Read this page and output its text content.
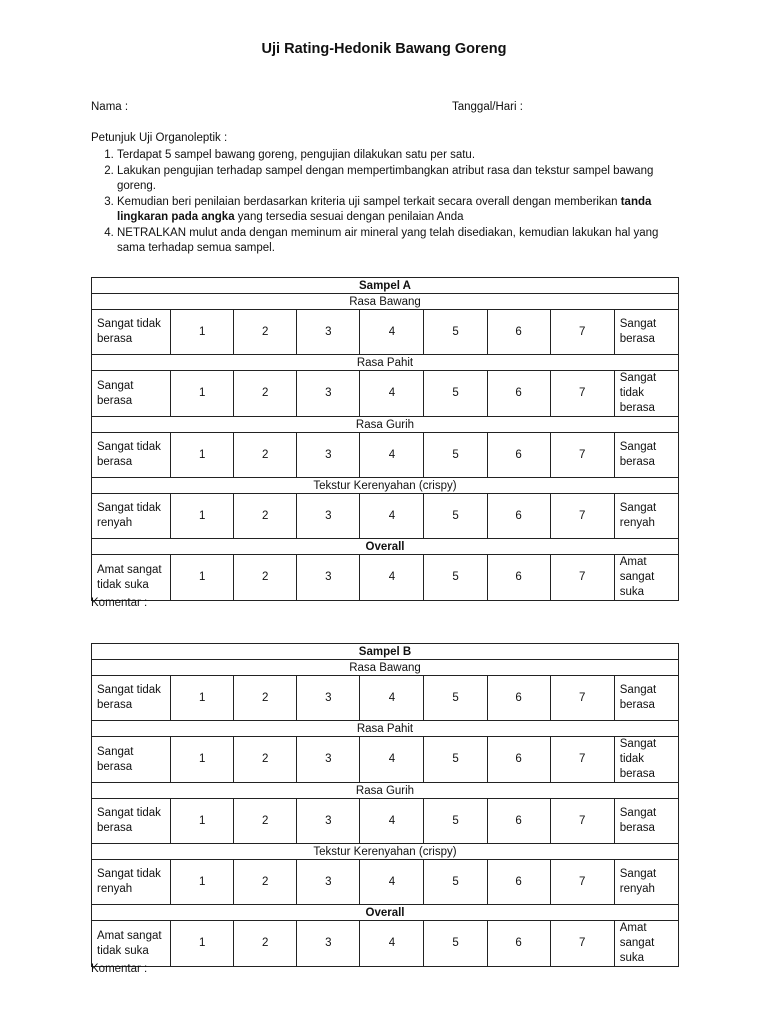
Uji Rating-Hedonik Bawang Goreng
Nama :	Tanggal/Hari :
Petunjuk Uji Organoleptik :
1. Terdapat 5 sampel bawang goreng, pengujian dilakukan satu per satu.
2. Lakukan pengujian terhadap sampel dengan mempertimbangkan atribut rasa dan tekstur sampel bawang goreng.
3. Kemudian beri penilaian berdasarkan kriteria uji sampel terkait secara overall dengan memberikan tanda lingkaran pada angka yang tersedia sesuai dengan penilaian Anda
4. NETRALKAN mulut anda dengan meminum air mineral yang telah disediakan, kemudian lakukan hal yang sama terhadap semua sampel.
Sampel A								
Rasa Bawang								
Sangat tidak berasa	1	2	3	4	5	6	7	Sangat berasa
Rasa Pahit								
Sangat berasa	1	2	3	4	5	6	7	Sangat tidak berasa
Rasa Gurih								
Sangat tidak berasa	1	2	3	4	5	6	7	Sangat berasa
Tekstur Kerenyahan (crispy)								
Sangat tidak renyah	1	2	3	4	5	6	7	Sangat renyah
Overall								
Amat sangat tidak suka	1	2	3	4	5	6	7	Amat sangat suka
Komentar :
Sampel B								
Rasa Bawang								
Sangat tidak berasa	1	2	3	4	5	6	7	Sangat berasa
Rasa Pahit								
Sangat berasa	1	2	3	4	5	6	7	Sangat tidak berasa
Rasa Gurih								
Sangat tidak berasa	1	2	3	4	5	6	7	Sangat berasa
Tekstur Kerenyahan (crispy)								
Sangat tidak renyah	1	2	3	4	5	6	7	Sangat renyah
Overall								
Amat sangat tidak suka	1	2	3	4	5	6	7	Amat sangat suka
Komentar :
